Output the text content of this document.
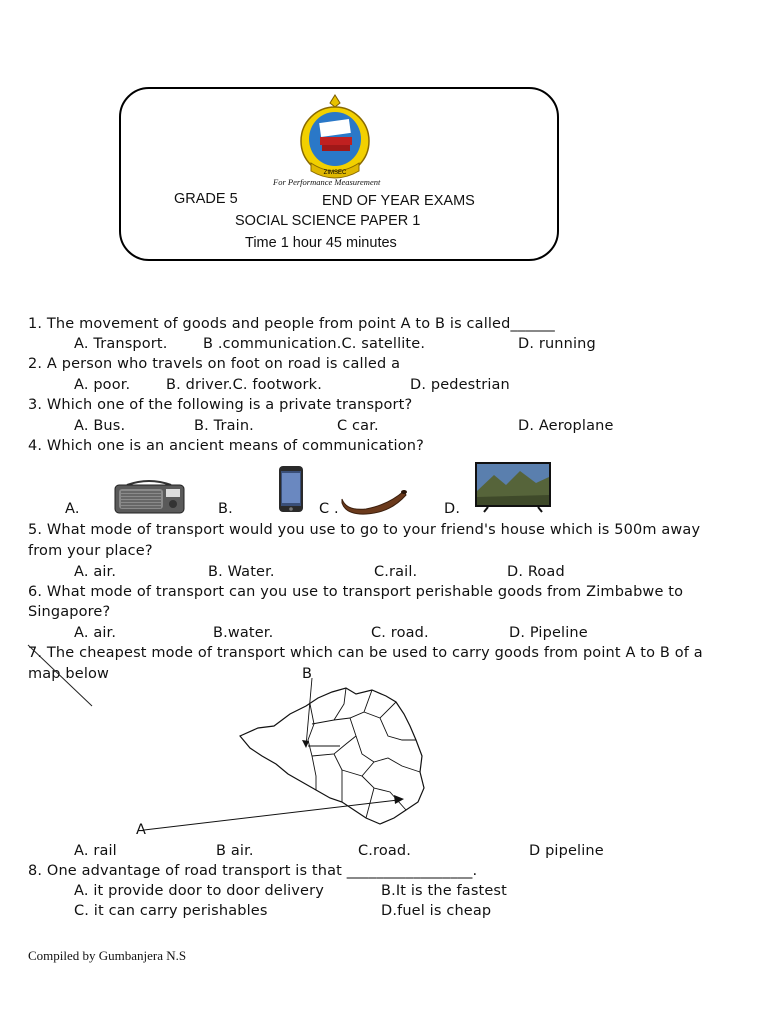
ZIMSEC
For Performance Measurement
GRADE 5	END OF YEAR EXAMS
SOCIAL SCIENCE PAPER 1
Time 1 hour 45 minutes
1. The movement of goods and people from point A to B is called______
A. Transport. B .communication.C. satellite.	D. running
2. A person who travels on foot on road is called a
A. poor. B. driver.C. footwork.	D. pedestrian
3. Which one of the following is a private transport?
A. Bus.	B. Train.	C car.	D. Aeroplane
4. Which one is an ancient means of communication?
A.	B.	C .	D.
5. What mode of transport would you use to go to your friend's house which is 500m away
from your place?
A. air.	B. Water.	C.rail.	D. Road
6. What mode of transport can you use to transport perishable goods from Zimbabwe to
Singapore?
A. air.	B.water.	C. road.	D. Pipeline
7. The cheapest mode of transport which can be used to carry goods from point A to B of a
map below	B
A
A. rail	B air.	C.road.	D pipeline
8. One advantage of road transport is that _________________.
A. it provide door to door delivery	B.It is the fastest
C. it can carry perishables	D.fuel is cheap
Compiled by Gumbanjera N.S
